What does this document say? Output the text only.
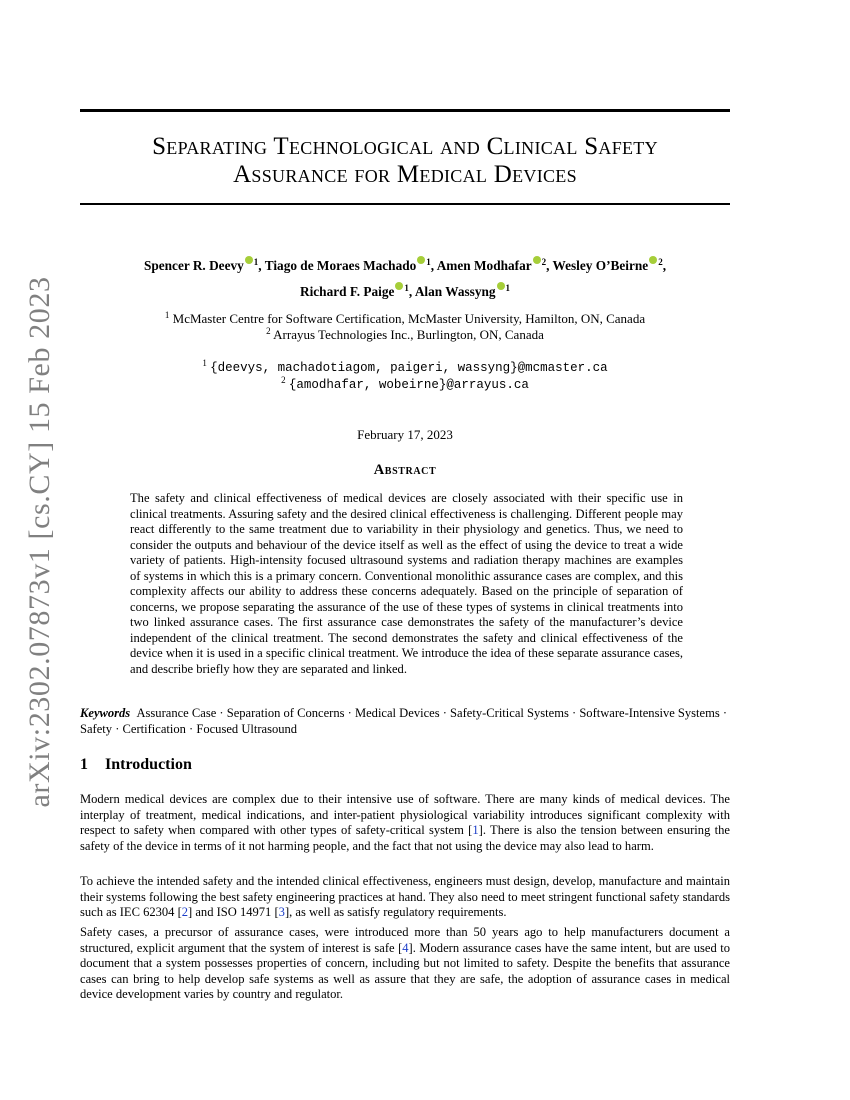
arXiv:2302.07873v1 [cs.CY] 15 Feb 2023
Separating Technological and Clinical Safety
Assurance for Medical Devices
Spencer R. Deevy $^1$, Tiago de Moraes Machado $^1$, Amen Modhafar $^2$, Wesley O’Beirne $^2$,
Richard F. Paige $^1$, Alan Wassyng $^1$
$^1$ McMaster Centre for Software Certification, McMaster University, Hamilton, ON, Canada
$^2$ Arrayus Technologies Inc., Burlington, ON, Canada
$^1$ {deevys, machadotiagom, paigeri, wassyng}@mcmaster.ca
$^2$ {amodhafar, wobeirne}@arrayus.ca
February 17, 2023
Abstract
The safety and clinical effectiveness of medical devices are closely associated with their specific use in clinical treatments. Assuring safety and the desired clinical effectiveness is challenging. Different people may react differently to the same treatment due to variability in their physiology and genetics. Thus, we need to consider the outputs and behaviour of the device itself as well as the effect of using the device to treat a wide variety of patients. High-intensity focused ultrasound systems and radiation therapy machines are examples of systems in which this is a primary concern. Conventional monolithic assurance cases are complex, and this complexity affects our ability to address these concerns adequately. Based on the principle of separation of concerns, we propose separating the assurance of the use of these types of systems in clinical treatments into two linked assurance cases. The first assurance case demonstrates the safety of the manufacturer’s device independent of the clinical treatment. The second demonstrates the safety and clinical effectiveness of the device when it is used in a specific clinical treatment. We introduce the idea of these separate assurance cases, and describe briefly how they are separated and linked.
Keywords Assurance Case · Separation of Concerns · Medical Devices · Safety-Critical Systems · Software-Intensive Systems · Safety · Certification · Focused Ultrasound
1 Introduction
Modern medical devices are complex due to their intensive use of software. There are many kinds of medical devices. The interplay of treatment, medical indications, and inter-patient physiological variability introduces significant complexity with respect to safety when compared with other types of safety-critical system [1]. There is also the tension between ensuring the safety of the device in terms of it not harming people, and the fact that not using the device may also lead to harm.
To achieve the intended safety and the intended clinical effectiveness, engineers must design, develop, manufacture and maintain their systems following the best safety engineering practices at hand. They also need to meet stringent functional safety standards such as IEC 62304 [2] and ISO 14971 [3], as well as satisfy regulatory requirements.
Safety cases, a precursor of assurance cases, were introduced more than 50 years ago to help manufacturers document a structured, explicit argument that the system of interest is safe [4]. Modern assurance cases have the same intent, but are used to document that a system possesses properties of concern, including but not limited to safety. Despite the benefits that assurance cases can bring to help develop safe systems as well as assure that they are safe, the adoption of assurance cases in medical device development varies by country and regulator.
